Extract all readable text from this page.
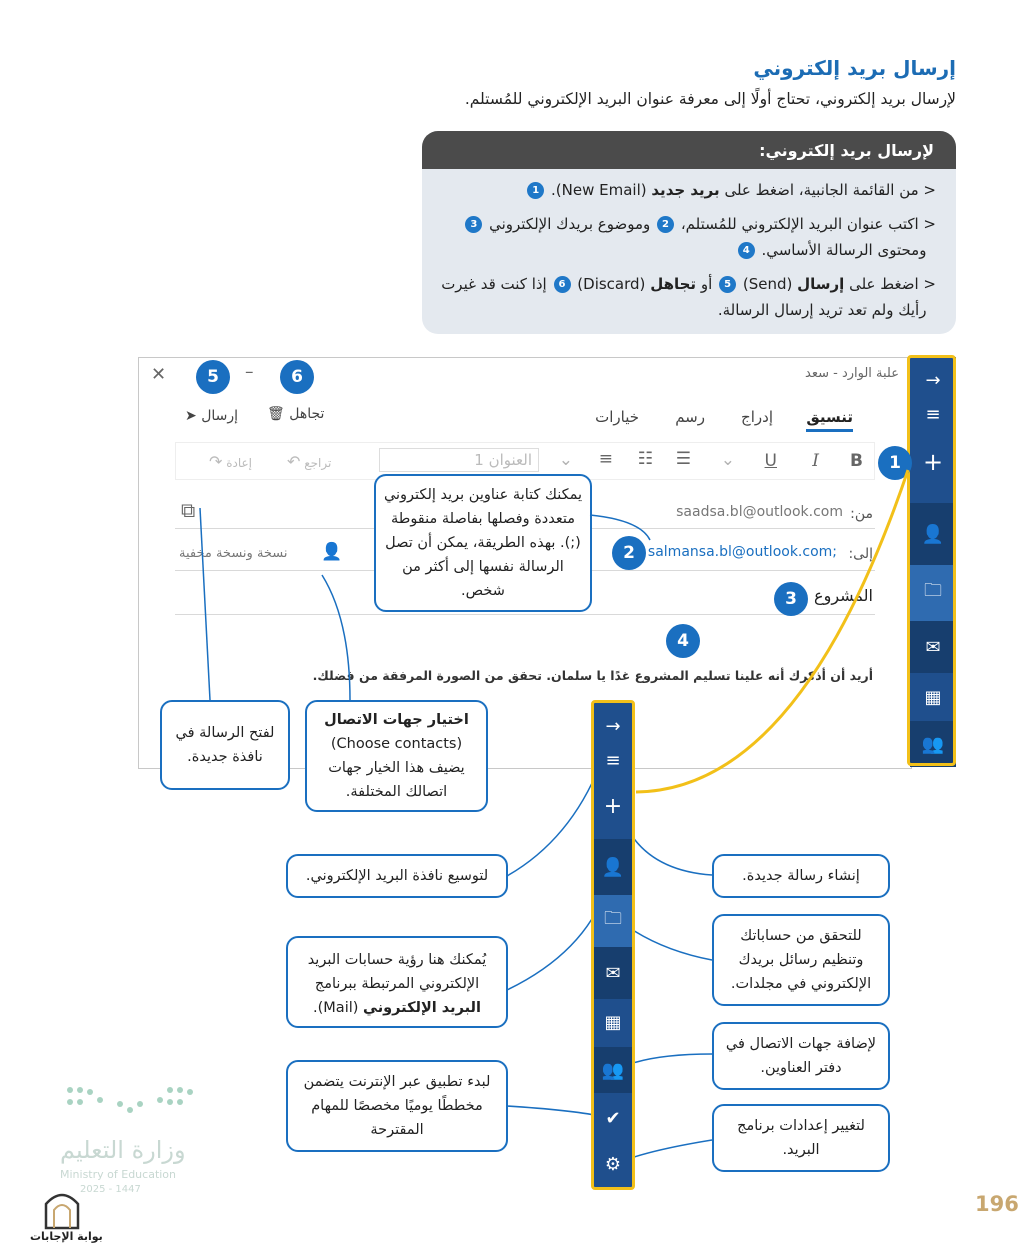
إرسال بريد إلكتروني
لإرسال بريد إلكتروني، تحتاج أولًا إلى معرفة عنوان البريد الإلكتروني للمُستلم.
لإرسال بريد إلكتروني:
< من القائمة الجانبية، اضغط على بريد جديد (New Email). 1
< اكتب عنوان البريد الإلكتروني للمُستلم، 2 وموضوع بريدك الإلكتروني 3
ومحتوى الرسالة الأساسي. 4
< اضغط على إرسال (Send) 5 أو تجاهل (Discard) 6 إذا كنت قد غيرت
رأيك ولم تعد تريد إرسال الرسالة.
علبة الوارد - سعد
✕	–
إرسال ➤	تجاهل 🗑	تنسيق
إدراج
رسم
خيارات
B
I
U
⌄
☰
☷
≡
⌄
العنوان 1
تراجع ↶
إعادة ↷
من:
saadsa.bl@outlook.com
⧉
إلى:
salmansa.bl@outlook.com;
نسخة ونسخة مخفية 👤
المشروع
أريد أن أذكرك أنه علينا تسليم المشروع غدًا يا سلمان. تحقق من الصورة المرفقة من فضلك.
→
≡
+
👤
🗀
✉
▦
👥
5	6
1
2
3
4
يمكنك كتابة عناوين بريد إلكتروني متعددة وفصلها بفاصلة منقوطة (;). بهذه الطريقة، يمكن أن تصل الرسالة نفسها إلى أكثر من شخص.
لفتح الرسالة في نافذة جديدة.
اختيار جهات الاتصال
(Choose contacts)
يضيف هذا الخيار جهات اتصالك المختلفة.
لتوسيع نافذة البريد الإلكتروني.
يُمكنك هنا رؤية حسابات البريد الإلكتروني المرتبطة ببرنامج البريد الإلكتروني (Mail).
لبدء تطبيق عبر الإنترنت يتضمن مخططًا يوميًا مخصصًا للمهام المقترحة
إنشاء رسالة جديدة.
للتحقق من حساباتك وتنظيم رسائل بريدك الإلكتروني في مجلدات.
لإضافة جهات الاتصال في دفتر العناوين.
لتغيير إعدادات برنامج البريد.
→
≡
+
👤
🗀
✉
▦
👥
✔
⚙
وزارة التعليم
Ministry of Education
2025 - 1447
بوابة الإجابات
196
